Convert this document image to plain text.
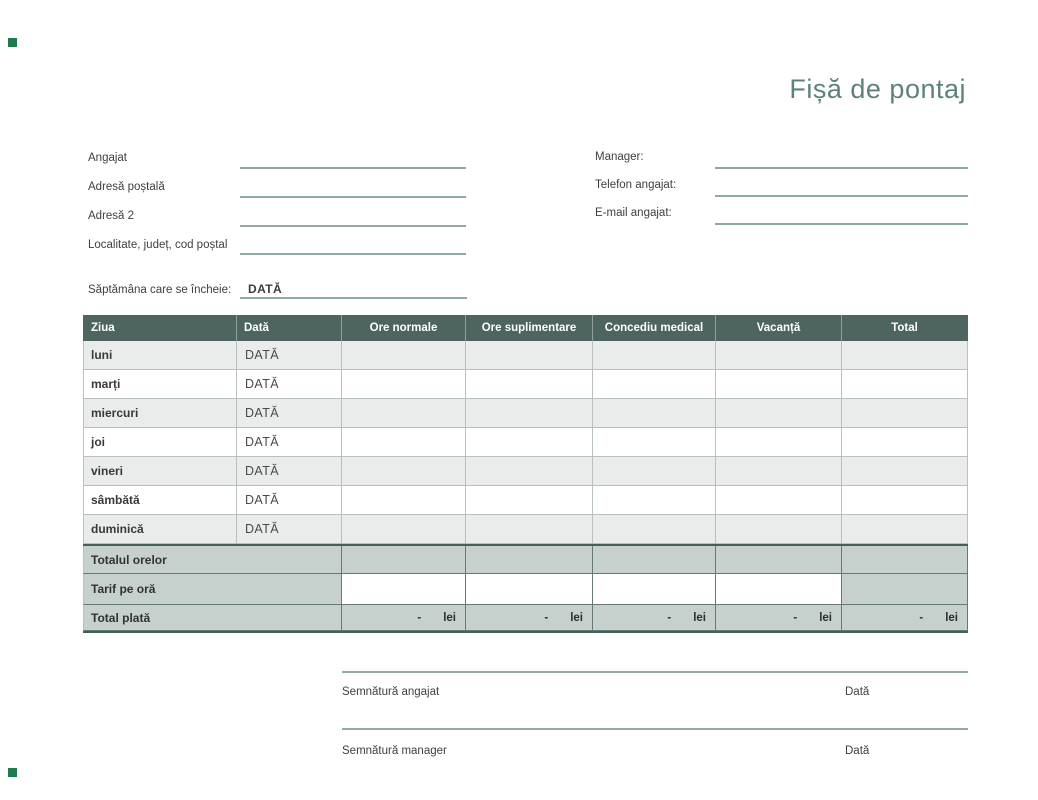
Fișă de pontaj
Angajat
Adresă poștală
Adresă 2
Localitate, județ, cod poștal
Manager:
Telefon angajat:
E-mail angajat:
Săptămâna care se încheie: DATĂ
Ziua	Dată	Ore normale	Ore suplimentare	Concediu medical	Vacanță	Total
luni	DATĂ
marți	DATĂ
miercuri	DATĂ
joi	DATĂ
vineri	DATĂ
sâmbătă	DATĂ
duminică	DATĂ
Totalul orelor
Tarif pe oră
Total plată	- lei	- lei	- lei	- lei	- lei
Semnătură angajat	Dată
Semnătură manager	Dată
